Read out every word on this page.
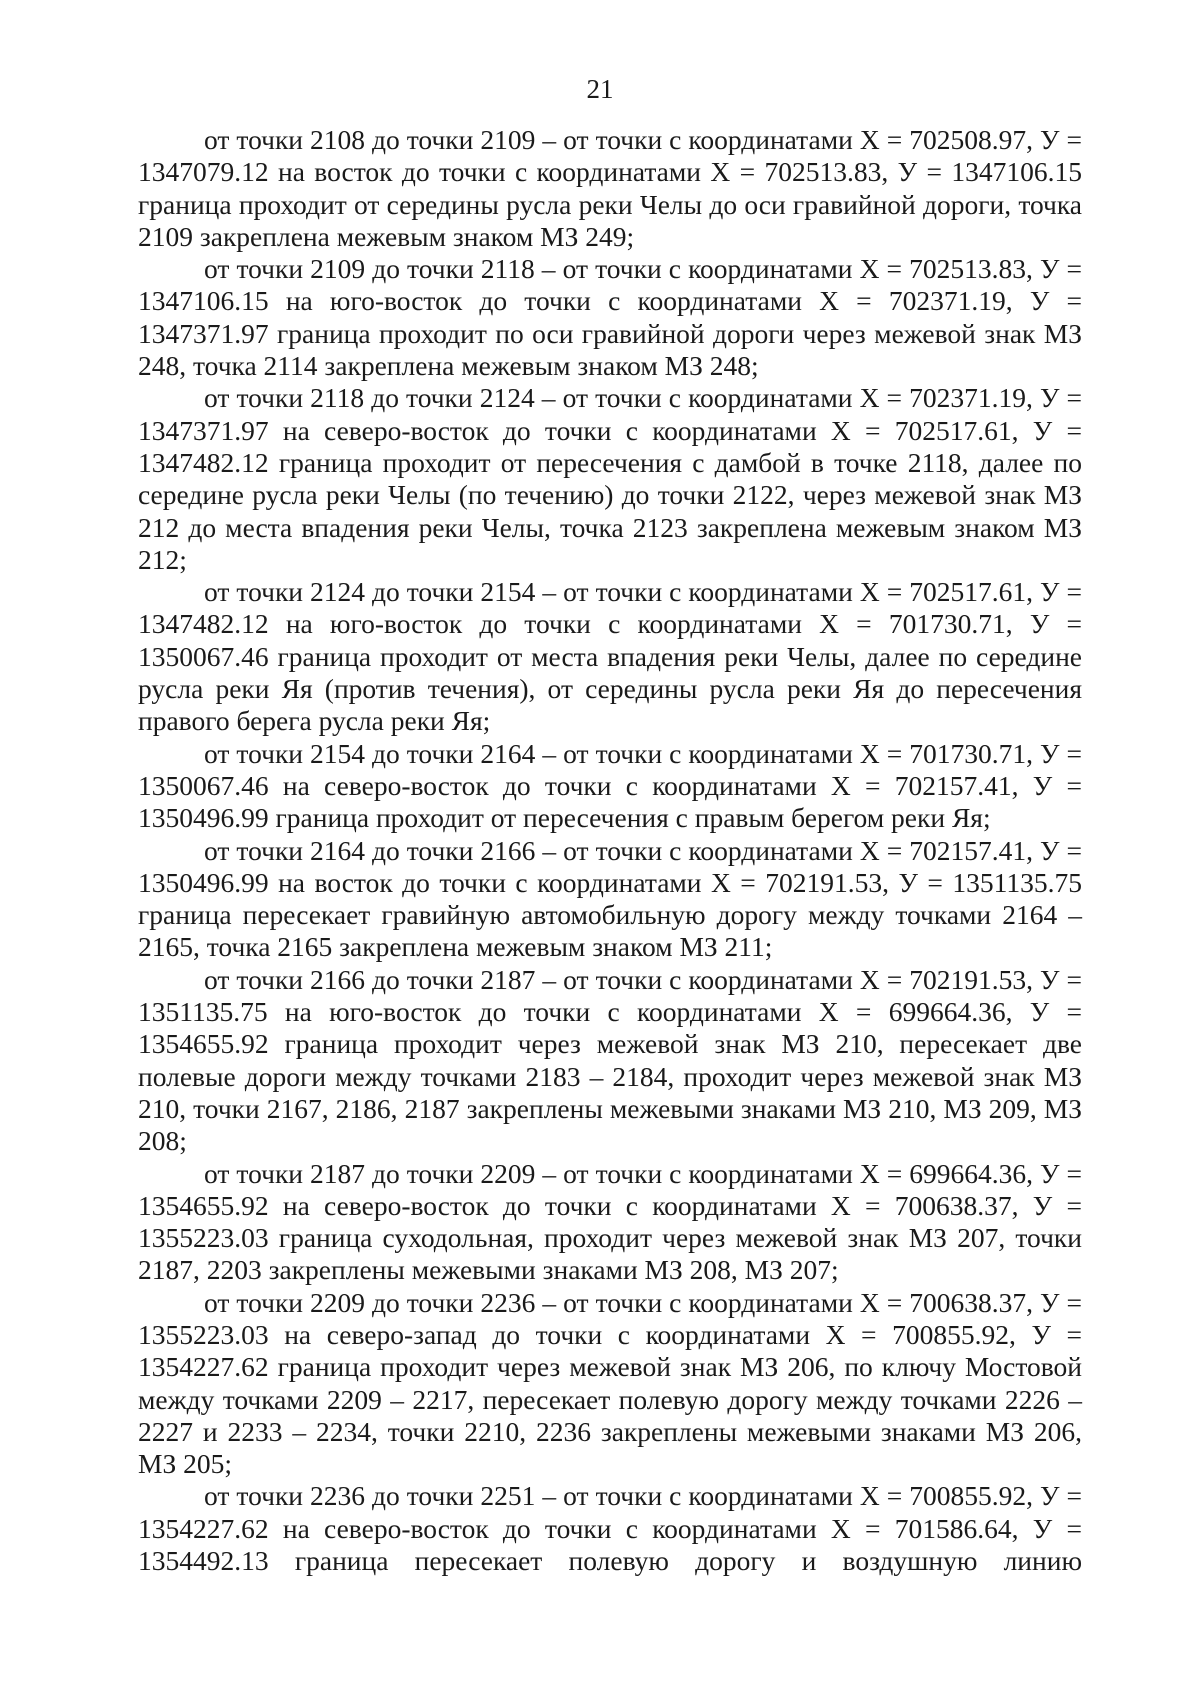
21

от точки 2108 до точки 2109 – от точки с координатами Х = 702508.97, У = 1347079.12 на восток до точки с координатами Х = 702513.83, У = 1347106.15 граница проходит от середины русла реки Челы до оси гравийной дороги, точка 2109 закреплена межевым знаком МЗ 249;

от точки 2109 до точки 2118 – от точки с координатами Х = 702513.83, У = 1347106.15 на юго-восток до точки с координатами Х = 702371.19, У = 1347371.97 граница проходит по оси гравийной дороги через межевой знак МЗ 248, точка 2114 закреплена межевым знаком МЗ 248;

от точки 2118 до точки 2124 – от точки с координатами Х = 702371.19, У = 1347371.97 на северо-восток до точки с координатами Х = 702517.61, У = 1347482.12 граница проходит от пересечения с дамбой в точке 2118, далее по середине русла реки Челы (по течению) до точки 2122, через межевой знак МЗ 212 до места впадения реки Челы, точка 2123 закреплена межевым знаком МЗ 212;

от точки 2124 до точки 2154 – от точки с координатами Х = 702517.61, У = 1347482.12 на юго-восток до точки с координатами Х = 701730.71, У = 1350067.46 граница проходит от места впадения реки Челы, далее по середине русла реки Яя (против течения), от середины русла реки Яя до пересечения правого берега русла реки Яя;

от точки 2154 до точки 2164 – от точки с координатами Х = 701730.71, У = 1350067.46 на северо-восток до точки с координатами Х = 702157.41, У = 1350496.99 граница проходит от пересечения с правым берегом реки Яя;

от точки 2164 до точки 2166 – от точки с координатами Х = 702157.41, У = 1350496.99 на восток до точки с координатами Х = 702191.53, У = 1351135.75 граница пересекает гравийную автомобильную дорогу между точками 2164 – 2165, точка 2165 закреплена межевым знаком МЗ 211;

от точки 2166 до точки 2187 – от точки с координатами Х = 702191.53, У = 1351135.75 на юго-восток до точки с координатами Х = 699664.36, У = 1354655.92 граница проходит через межевой знак МЗ 210, пересекает две полевые дороги между точками 2183 – 2184, проходит через межевой знак МЗ 210, точки 2167, 2186, 2187 закреплены межевыми знаками МЗ 210, МЗ 209, МЗ 208;

от точки 2187 до точки 2209 – от точки с координатами Х = 699664.36, У = 1354655.92 на северо-восток до точки с координатами Х = 700638.37, У = 1355223.03 граница суходольная, проходит через межевой знак МЗ 207, точки 2187, 2203 закреплены межевыми знаками МЗ 208, МЗ 207;

от точки 2209 до точки 2236 – от точки с координатами Х = 700638.37, У = 1355223.03 на северо-запад до точки с координатами Х = 700855.92, У = 1354227.62 граница проходит через межевой знак МЗ 206, по ключу Мостовой между точками 2209 – 2217, пересекает полевую дорогу между точками 2226 – 2227 и 2233 – 2234, точки 2210, 2236 закреплены межевыми знаками МЗ 206, МЗ 205;

от точки 2236 до точки 2251 – от точки с координатами Х = 700855.92, У = 1354227.62 на северо-восток до точки с координатами Х = 701586.64, У = 1354492.13 граница пересекает полевую дорогу и воздушную линию
